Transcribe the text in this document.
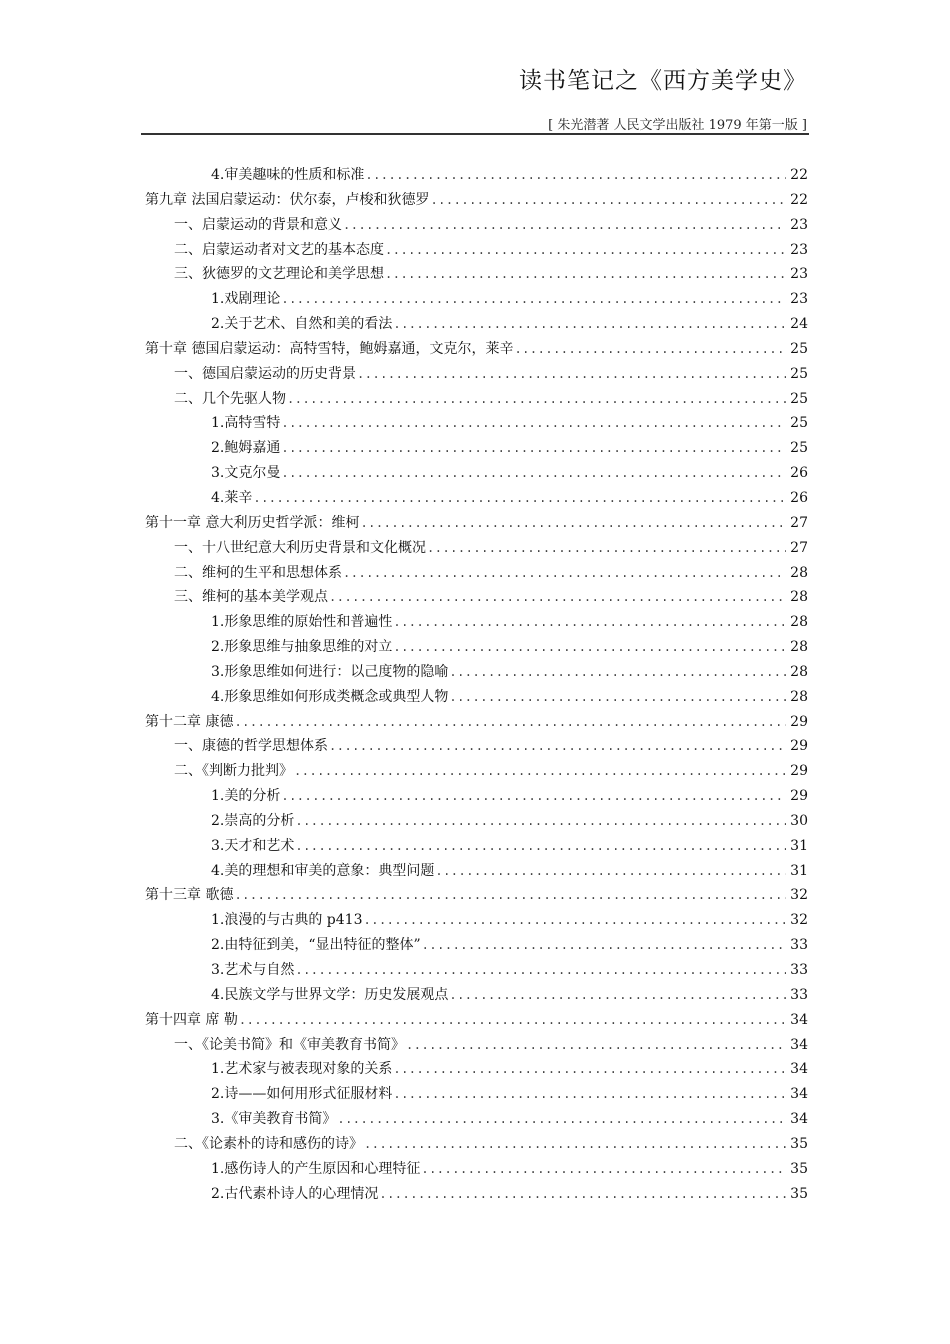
读书笔记之《西方美学史》
[ 朱光潜著 人民文学出版社 1979 年第一版 ]
4.审美趣味的性质和标准 .....	22
第九章 法国启蒙运动：伏尔泰，卢梭和狄德罗 .....	22
一、启蒙运动的背景和意义 .....	23
二、启蒙运动者对文艺的基本态度 .....	23
三、狄德罗的文艺理论和美学思想 .....	23
1.戏剧理论 .....	23
2.关于艺术、自然和美的看法 .....	24
第十章 德国启蒙运动：高特雪特，鲍姆嘉通，文克尔，莱辛 .....	25
一、德国启蒙运动的历史背景 .....	25
二、几个先驱人物 .....	25
1.高特雪特 .....	25
2.鲍姆嘉通 .....	25
3.文克尔曼 .....	26
4.莱辛 .....	26
第十一章 意大利历史哲学派：维柯 .....	27
一、十八世纪意大利历史背景和文化概况 .....	27
二、维柯的生平和思想体系 .....	28
三、维柯的基本美学观点 .....	28
1.形象思维的原始性和普遍性 .....	28
2.形象思维与抽象思维的对立 .....	28
3.形象思维如何进行：以己度物的隐喻 .....	28
4.形象思维如何形成类概念或典型人物 .....	28
第十二章 康德 .....	29
一、康德的哲学思想体系 .....	29
二、《判断力批判》 .....	29
1.美的分析 .....	29
2.崇高的分析 .....	30
3.天才和艺术 .....	31
4.美的理想和审美的意象：典型问题 .....	31
第十三章 歌德 .....	32
1.浪漫的与古典的 p413 .....	32
2.由特征到美，“显出特征的整体” .....	33
3.艺术与自然 .....	33
4.民族文学与世界文学：历史发展观点 .....	33
第十四章 席 勒 .....	34
一、《论美书简》和《审美教育书简》 .....	34
1.艺术家与被表现对象的关系 .....	34
2.诗——如何用形式征服材料 .....	34
3.《审美教育书简》 .....	34
二、《论素朴的诗和感伤的诗》 .....	35
1.感伤诗人的产生原因和心理特征 .....	35
2.古代素朴诗人的心理情况 .....	35
